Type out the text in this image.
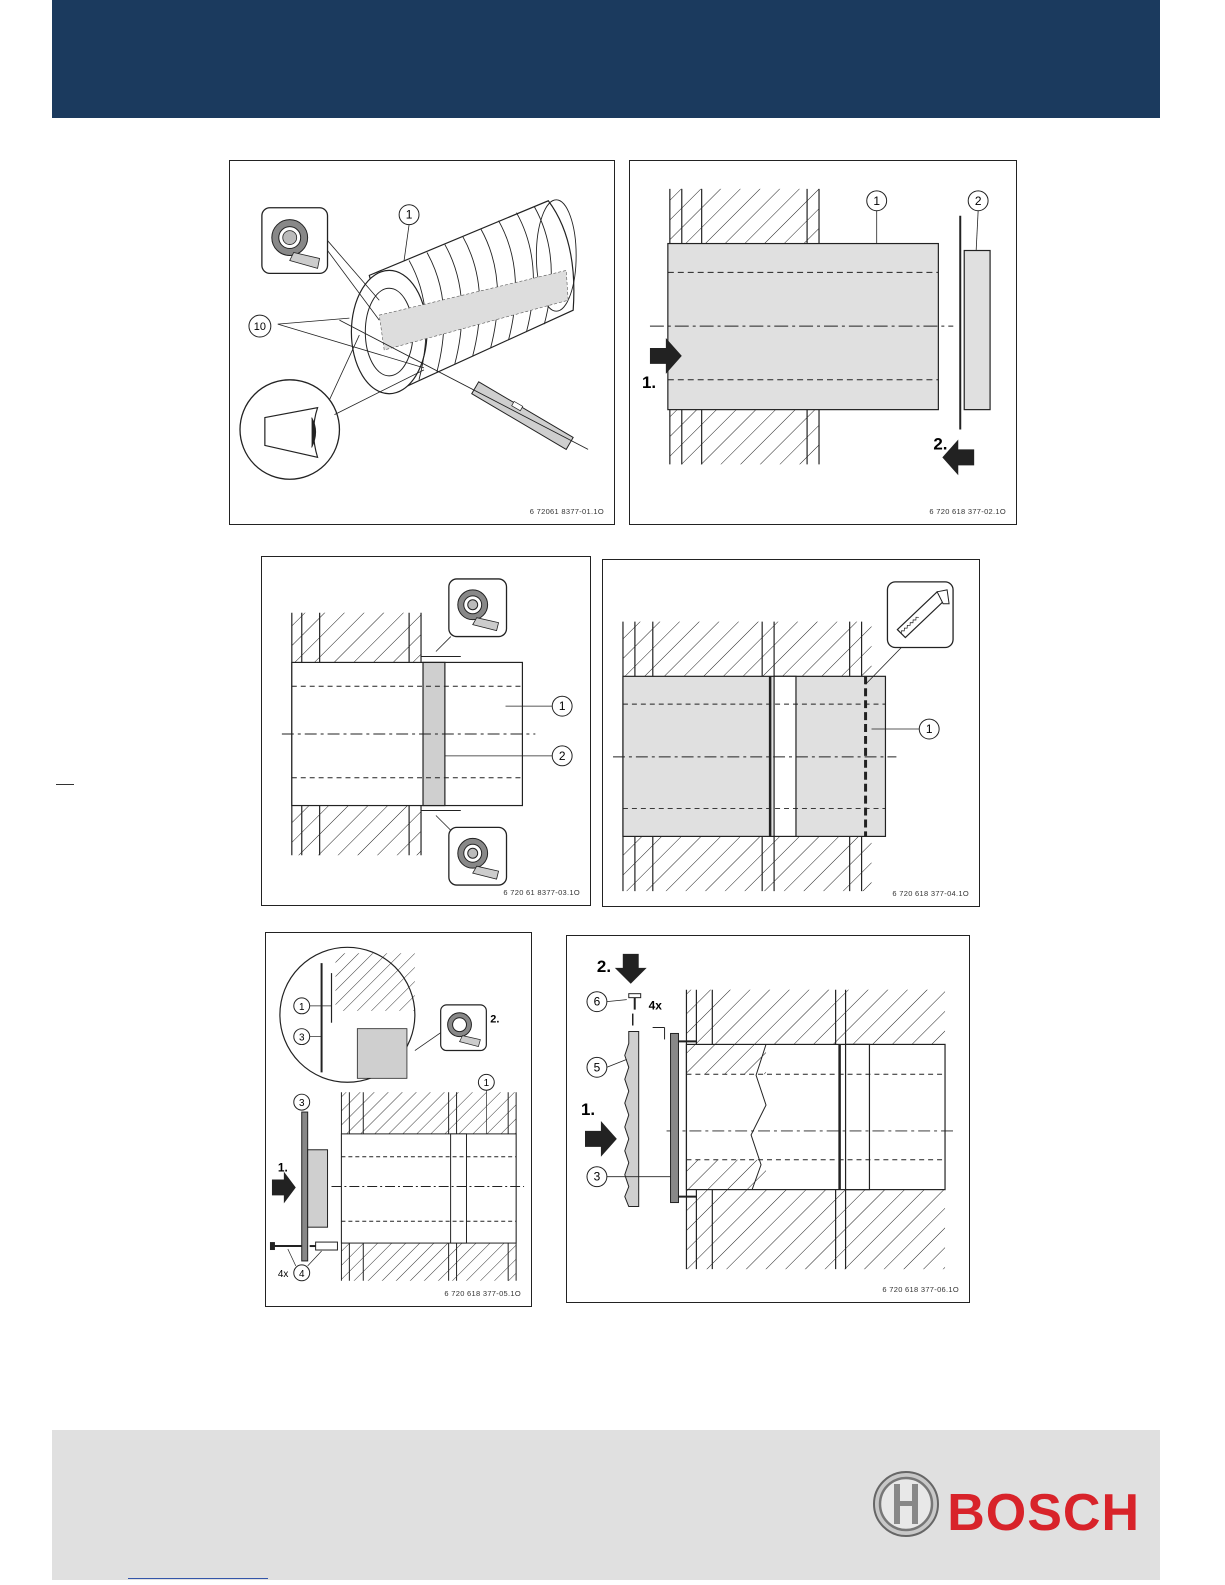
1
10
6 72061 8377-01.1O
1.
2.
1	2
6 720 618 377-02.1O
1
2
6 720 61 8377-03.1O
1
6 720 618 377-04.1O
2.
1.
1
3
1
3
4
4x
6 720 618 377-05.1O
2.
1.
4x
6
5
3
6 720 618 377-06.1O
BOSCH
